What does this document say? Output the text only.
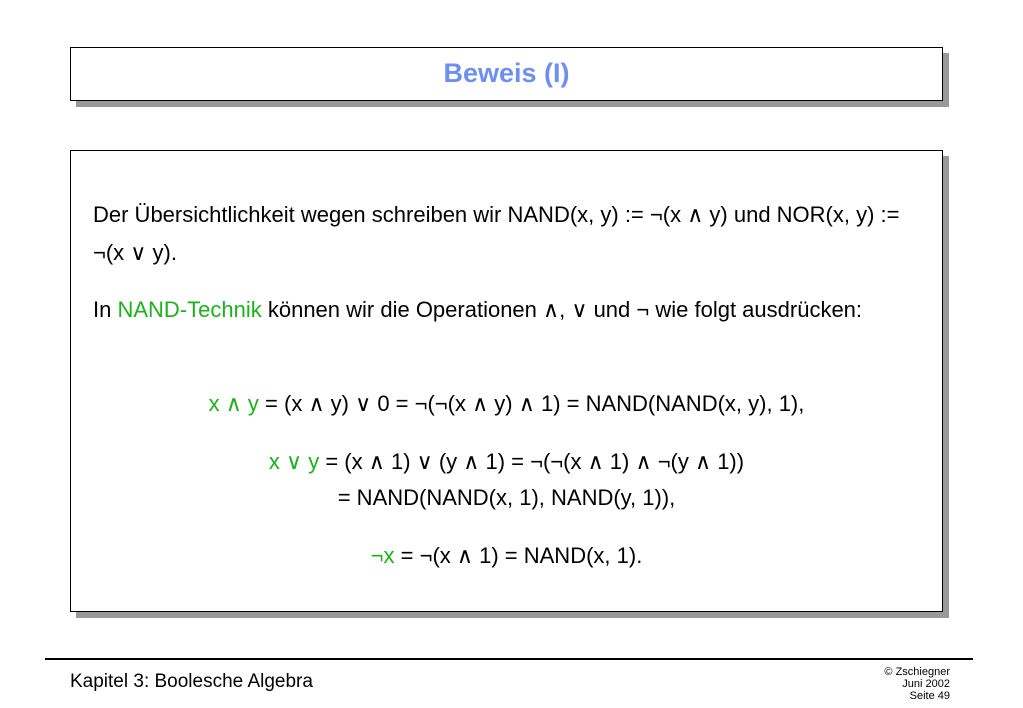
Beweis (I)
Der Übersichtlichkeit wegen schreiben wir NAND(x, y) := ¬(x ∧ y) und NOR(x, y) := ¬(x ∨ y).
In NAND-Technik können wir die Operationen ∧, ∨ und ¬ wie folgt ausdrücken:
x ∧ y = (x ∧ y) ∨ 0 = ¬(¬(x ∧ y) ∧ 1) = NAND(NAND(x, y), 1),
x ∨ y = (x ∧ 1) ∨ (y ∧ 1) = ¬(¬(x ∧ 1) ∧ ¬(y ∧ 1))
= NAND(NAND(x, 1), NAND(y, 1)),
¬x = ¬(x ∧ 1) = NAND(x, 1).
Kapitel 3: Boolesche Algebra	© Zschiegner
Juni 2002
Seite 49
